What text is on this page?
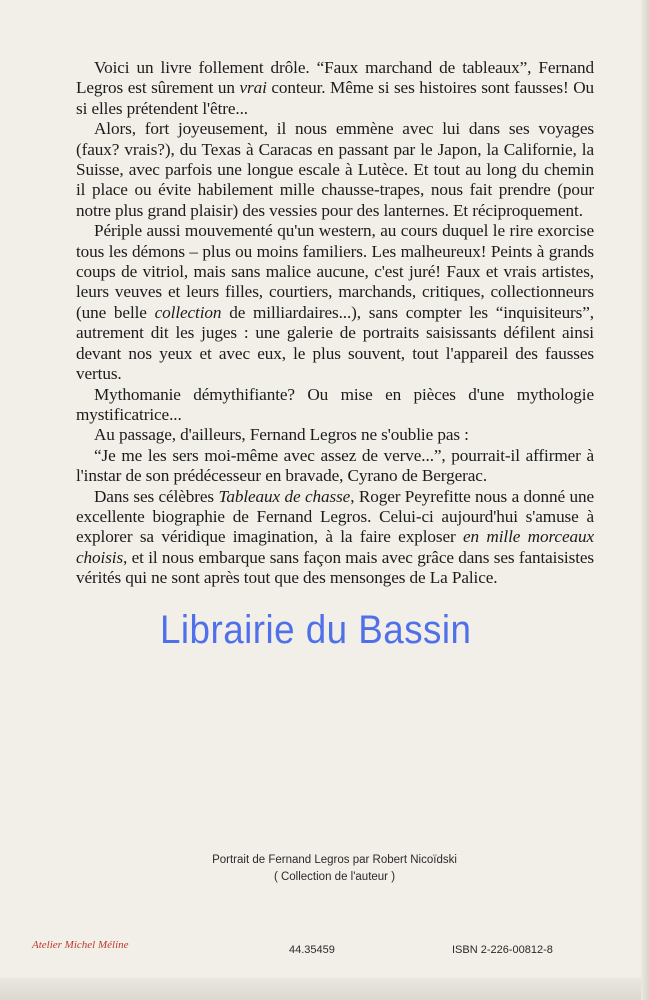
Voici un livre follement drôle. “Faux marchand de tableaux”, Fernand Legros est sûrement un vrai conteur. Même si ses histoires sont fausses! Ou si elles prétendent l'être...

Alors, fort joyeusement, il nous emmène avec lui dans ses voyages (faux? vrais?), du Texas à Caracas en passant par le Japon, la Californie, la Suisse, avec parfois une longue escale à Lutèce. Et tout au long du chemin il place ou évite habilement mille chausse-trapes, nous fait prendre (pour notre plus grand plaisir) des vessies pour des lanternes. Et réciproquement.

Périple aussi mouvementé qu'un western, au cours duquel le rire exorcise tous les démons – plus ou moins familiers. Les malheureux! Peints à grands coups de vitriol, mais sans malice aucune, c'est juré! Faux et vrais artistes, leurs veuves et leurs filles, courtiers, marchands, critiques, collectionneurs (une belle collection de milliardaires...), sans compter les “inquisiteurs”, autrement dit les juges : une galerie de portraits saisissants défilent ainsi devant nos yeux et avec eux, le plus souvent, tout l'appareil des fausses vertus.

Mythomanie démythifiante? Ou mise en pièces d'une mythologie mystificatrice...

Au passage, d'ailleurs, Fernand Legros ne s'oublie pas :

“Je me les sers moi-même avec assez de verve...”, pourrait-il affirmer à l'instar de son prédécesseur en bravade, Cyrano de Bergerac.

Dans ses célèbres Tableaux de chasse, Roger Peyrefitte nous a donné une excellente biographie de Fernand Legros. Celui-ci aujourd'hui s'amuse à explorer sa véridique imagination, à la faire exploser en mille morceaux choisis, et il nous embarque sans façon mais avec grâce dans ses fantaisistes vérités qui ne sont après tout que des mensonges de La Palice.

Librairie du Bassin
Portrait de Fernand Legros par Robert Nicoïdski
( Collection de l'auteur )
Atelier Michel Méline	44.35459	ISBN 2-226-00812-8
